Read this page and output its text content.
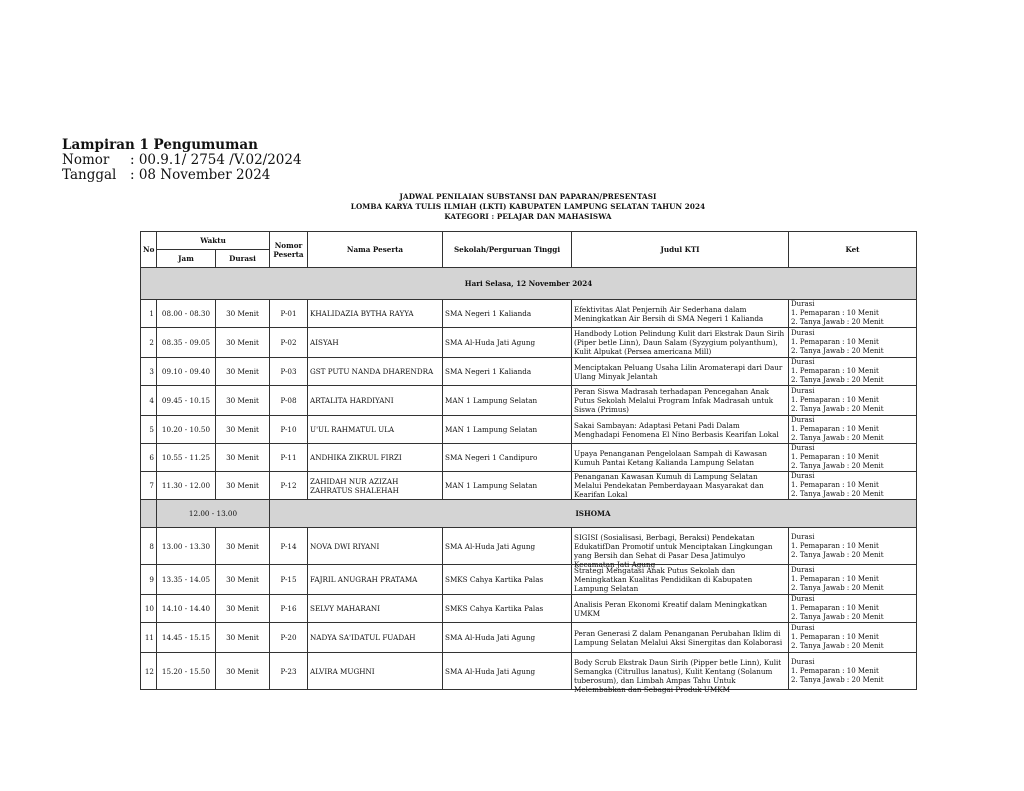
Lampiran 1 Pengumuman
Nomor : 00.9.1/ 2754 /V.02/2024
Tanggal : 08 November 2024
JADWAL PENILAIAN SUBSTANSI DAN PAPARAN/PRESENTASI
LOMBA KARYA TULIS ILMIAH (LKTI) KABUPATEN LAMPUNG SELATAN TAHUN 2024
KATEGORI : PELAJAR DAN MAHASISWA
No	Waktu		Nomor Peserta	Nama Peserta	Sekolah/Perguruan Tinggi	Judul KTI	Ket
	Jam	Durasi					
Hari Selasa, 12 November 2024							
1	08.00 - 08.30	30 Menit	P-01	KHALIDAZIA BYTHA RAYYA	SMA Negeri 1 Kalianda	Efektivitas Alat Penjernih Air Sederhana dalam Meningkatkan Air Bersih di SMA Negeri 1 Kalianda	Durasi
1. Pemaparan : 10 Menit
2. Tanya Jawab : 20 Menit

2	08.35 - 09.05	30 Menit	P-02	AISYAH	SMA Al-Huda Jati Agung	Handbody Lotion Pelindung Kulit dari Ekstrak Daun Sirih (Piper betle Linn), Daun Salam (Syzygium polyanthum), Kulit Alpukat (Persea americana Mill)	Durasi
1. Pemaparan : 10 Menit
2. Tanya Jawab : 20 Menit

3	09.10 - 09.40	30 Menit	P-03	GST PUTU NANDA DHARENDRA	SMA Negeri 1 Kalianda	Menciptakan Peluang Usaha Lilin Aromaterapi dari Daur Ulang Minyak Jelantah	Durasi
1. Pemaparan : 10 Menit
2. Tanya Jawab : 20 Menit

4	09.45 - 10.15	30 Menit	P-08	ARTALITA HARDIYANI	MAN 1 Lampung Selatan	Peran Siswa Madrasah terhadapan Pencegahan Anak Putus Sekolah Melalui Program Infak Madrasah untuk Siswa (Primus)	Durasi
1. Pemaparan : 10 Menit
2. Tanya Jawab : 20 Menit

5	10.20 - 10.50	30 Menit	P-10	U'UL RAHMATUL ULA	MAN 1 Lampung Selatan	Sakai Sambayan: Adaptasi Petani Padi Dalam Menghadapi Fenomena El Nino Berbasis Kearifan Lokal	Durasi
1. Pemaparan : 10 Menit
2. Tanya Jawab : 20 Menit

6	10.55 - 11.25	30 Menit	P-11	ANDHIKA ZIKRUL FIRZI	SMA Negeri 1 Candipuro	Upaya Penanganan Pengelolaan Sampah di Kawasan Kumuh Pantai Ketang Kalianda Lampung Selatan	Durasi
1. Pemaparan : 10 Menit
2. Tanya Jawab : 20 Menit

7	11.30 - 12.00	30 Menit	P-12	ZAHIDAH NUR AZIZAH ZAHRATUS SHALEHAH	MAN 1 Lampung Selatan	Penanganan Kawasan Kumuh di Lampung Selatan Melalui Pendekatan Pemberdayaan Masyarakat dan Kearifan Lokal	Durasi
1. Pemaparan : 10 Menit
2. Tanya Jawab : 20 Menit

	12.00 - 13.00		ISHOMA				
8	13.00 - 13.30	30 Menit	P-14	NOVA DWI RIYANI	SMA Al-Huda Jati Agung	SIGISI (Sosialisasi, Berbagi, Beraksi) Pendekatan EdukatifDan Promotif untuk Menciptakan Lingkungan yang Bersih dan Sehat di Pasar Desa Jatimulyo Kecamatan Jati Agung	Durasi
1. Pemaparan : 10 Menit
2. Tanya Jawab : 20 Menit

9	13.35 - 14.05	30 Menit	P-15	FAJRIL ANUGRAH PRATAMA	SMKS Cahya Kartika Palas	Strategi Mengatasi Anak Putus Sekolah dan Meningkatkan Kualitas Pendidikan di Kabupaten Lampung Selatan	Durasi
1. Pemaparan : 10 Menit
2. Tanya Jawab : 20 Menit

10	14.10 - 14.40	30 Menit	P-16	SELVY MAHARANI	SMKS Cahya Kartika Palas	Analisis Peran Ekonomi Kreatif dalam Meningkatkan UMKM	Durasi
1. Pemaparan : 10 Menit
2. Tanya Jawab : 20 Menit

11	14.45 - 15.15	30 Menit	P-20	NADYA SA'IDATUL FUADAH	SMA Al-Huda Jati Agung	Peran Generasi Z dalam Penanganan Perubahan Iklim di Lampung Selatan Melalui Aksi Sinergitas dan Kolaborasi	Durasi
1. Pemaparan : 10 Menit
2. Tanya Jawab : 20 Menit

12	15.20 - 15.50	30 Menit	P-23	ALVIRA MUGHNI	SMA Al-Huda Jati Agung	Body Scrub Ekstrak Daun Sirih (Pipper betle Linn), Kulit Semangka (Citrullus lanatus), Kulit Kentang (Solanum tuberosum), dan Limbah Ampas Tahu Untuk Melembabkan dan Sebagai Produk UMKM	Durasi
1. Pemaparan : 10 Menit
2. Tanya Jawab : 20 Menit
